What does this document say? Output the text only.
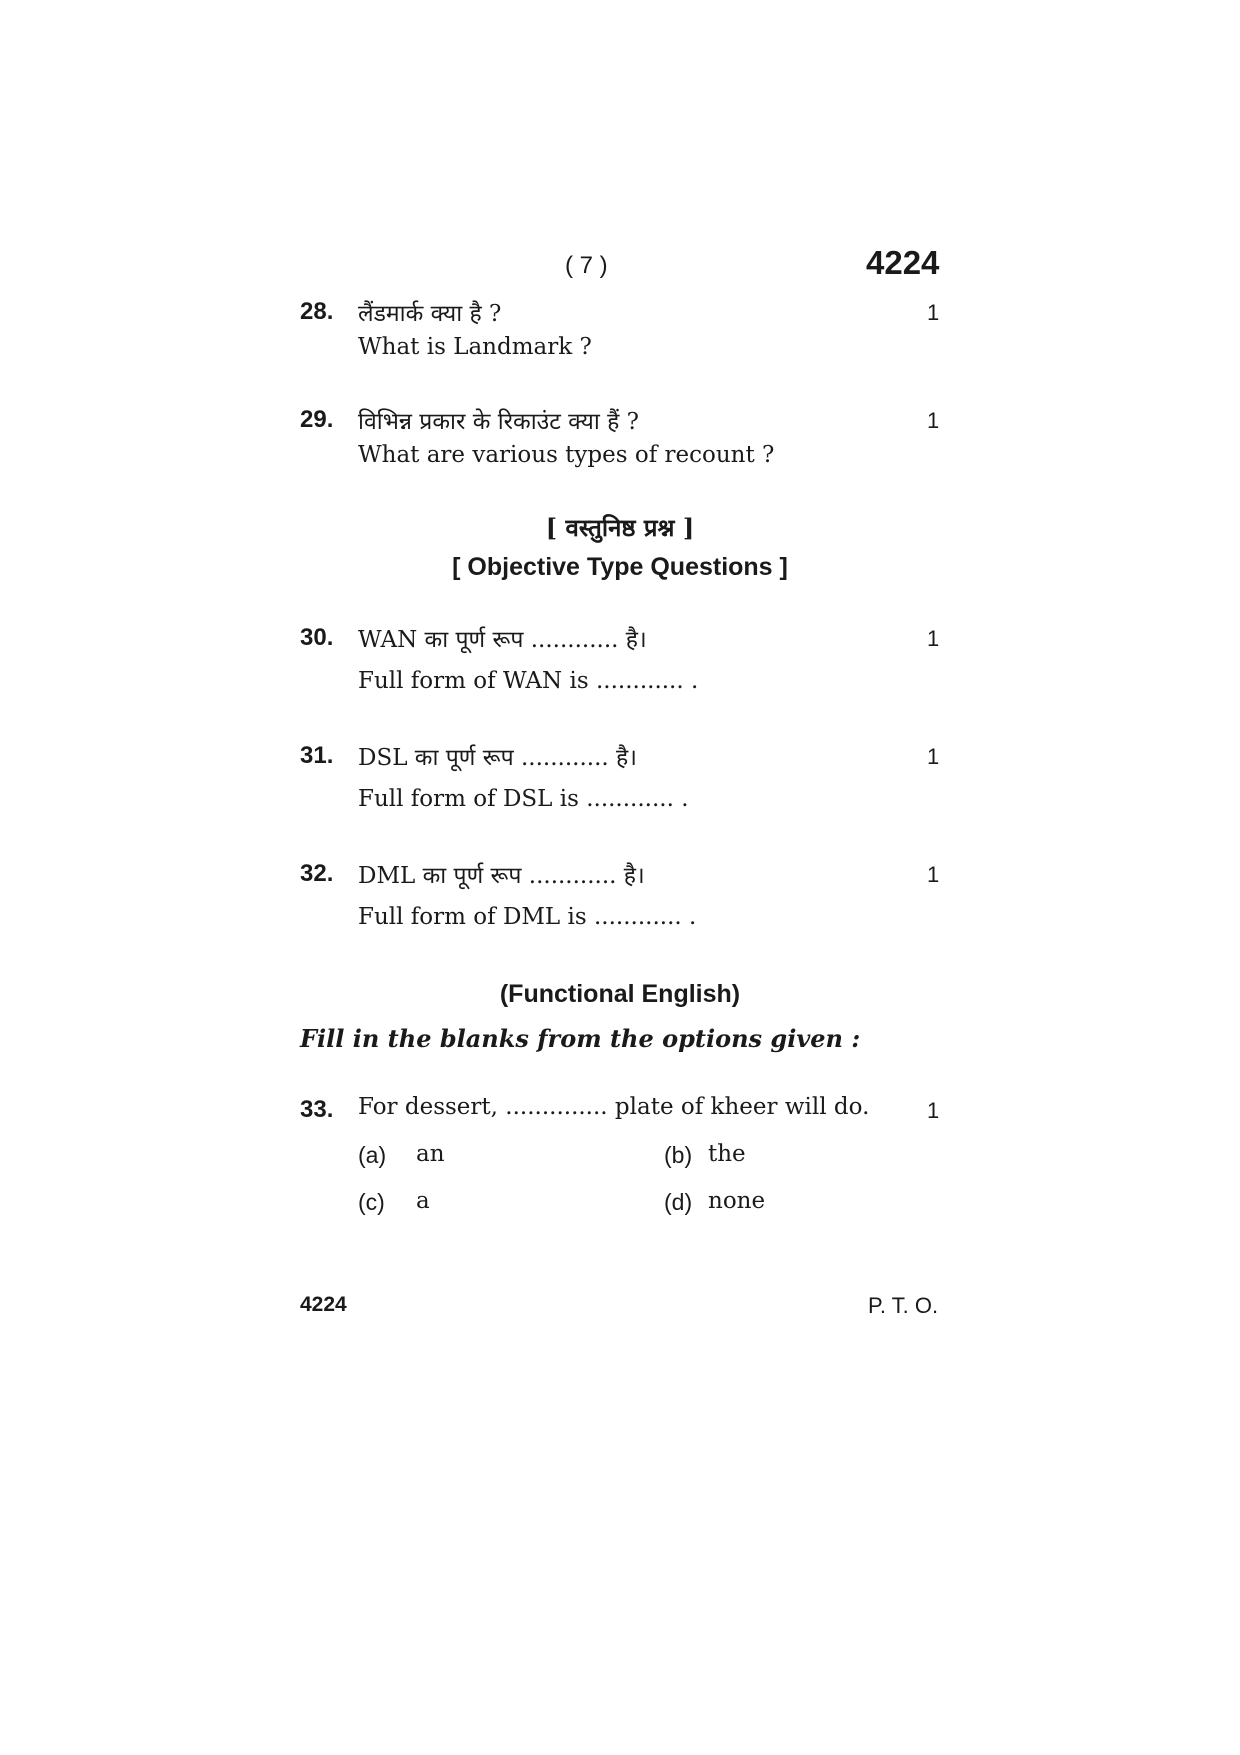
( 7 )	4224
28. लैंडमार्क क्या है ?
What is Landmark ?
1
29. विभिन्न प्रकार के रिकाउंट क्या हैं ?
What are various types of recount ?
1
[ वस्तुनिष्ठ प्रश्न ]
[ Objective Type Questions ]
30. WAN का पूर्ण रूप ............ है।
Full form of WAN is ............ .
1
31. DSL का पूर्ण रूप ............ है।
Full form of DSL is ............ .
1
32. DML का पूर्ण रूप ............ है।
Full form of DML is ............ .
1
(Functional English)
Fill in the blanks from the options given :
33. For dessert, .............. plate of kheer will do.	1
(a) an	(b) the
(c) a	(d) none
4224	P. T. O.
